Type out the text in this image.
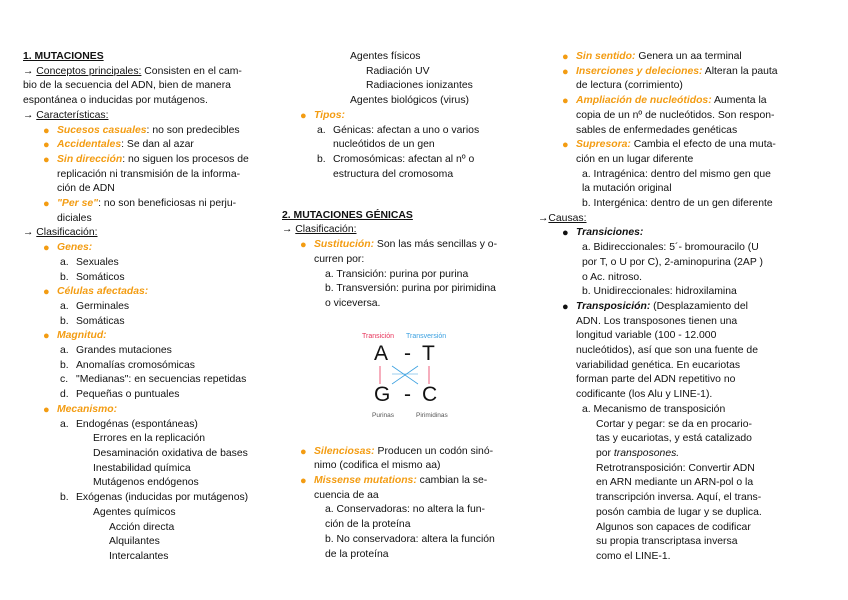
1. MUTACIONES
→ Conceptos principales: Consisten en el cam-
bio de la secuencia del ADN, bien de manera
espontánea o inducidas por mutágenos.
→ Características:
● Sucesos casuales: no son predecibles
● Accidentales: Se dan al azar
● Sin dirección: no siguen los procesos de
replicación ni transmisión de la informa-
ción de ADN
● "Per se": no son beneficiosas ni perju-
diciales
→ Clasificación:
● Genes:
a. Sexuales
b. Somáticos
● Células afectadas:
a. Germinales
b. Somáticas
● Magnitud:
a. Grandes mutaciones
b. Anomalías cromosómicas
c. "Medianas": en secuencias repetidas
d. Pequeñas o puntuales
● Mecanismo:
a. Endogénas (espontáneas)
Errores en la replicación
Desaminación oxidativa de bases
Inestabilidad química
Mutágenos endógenos
b. Exógenas (inducidas por mutágenos)
Agentes químicos
Acción directa
Alquilantes
Intercalantes
Agentes físicos
Radiación UV
Radiaciones ionizantes
Agentes biológicos (virus)
● Tipos:
a. Génicas: afectan a uno o varios
nucleótidos de un gen
b. Cromosómicas: afectan al nº o
estructura del cromosoma
2. MUTACIONES GÉNICAS
→ Clasificación:
● Sustitución: Son las más sencillas y o-
curren por:
a. Transición: purina por purina
b. Transversión: purina por pirimidina
o viceversa.
● Silenciosas: Producen un codón sinó-
nimo (codifica el mismo aa)
● Missense mutations: cambian la se-
cuencia de aa
a. Conservadoras: no altera la fun-
ción de la proteína
b. No conservadora: altera la función
de la proteína
Transición Transversión
A - T
G - C
Purinas	Pirimidinas
● Sin sentido: Genera un aa terminal
● Inserciones y deleciones: Alteran la pauta
de lectura (corrimiento)
● Ampliación de nucleótidos: Aumenta la
copia de un nº de nucleótidos. Son respon-
sables de enfermedades genéticas
● Supresora: Cambia el efecto de una muta-
ción en un lugar diferente
a. Intragénica: dentro del mismo gen que
la mutación original
b. Intergénica: dentro de un gen diferente
→Causas:
● Transiciones:
a. Bidireccionales: 5´- bromouracilo (U
por T, o U por C), 2-aminopurina (2AP )
o Ac. nitroso.
b. Unidireccionales: hidroxilamina
● Transposición: (Desplazamiento del
ADN. Los transposones tienen una
longitud variable (100 - 12.000
nucleótidos), así que son una fuente de
variabilidad genética. En eucariotas
forman parte del ADN repetitivo no
codificante (los Alu y LINE-1).
a. Mecanismo de transposición
Cortar y pegar: se da en procario-
tas y eucariotas, y está catalizado
por transposones.
Retrotransposición: Convertir ADN
en ARN mediante un ARN-pol o la
transcripción inversa. Aquí, el trans-
posón cambia de lugar y se duplica.
Algunos son capaces de codificar
su propia transcriptasa inversa
como el LINE-1.
